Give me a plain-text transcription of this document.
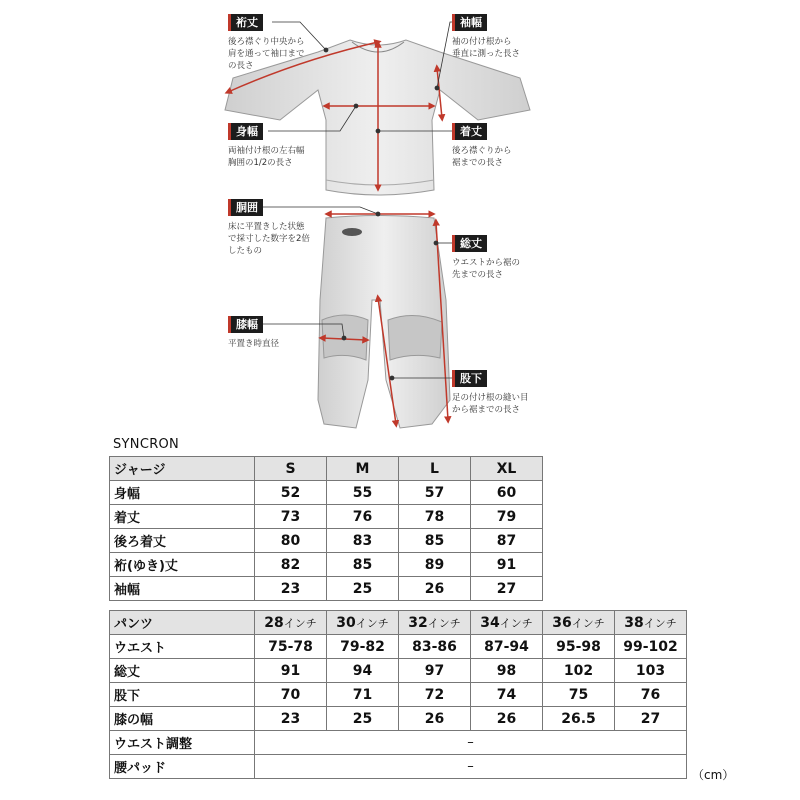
裄丈
後ろ襟ぐり中央から
肩を通って袖口まで
の長さ
袖幅
袖の付け根から
垂直に測った長さ
身幅
両袖付け根の左右幅
胸囲の1/2の長さ
着丈
後ろ襟ぐりから
裾までの長さ
胴囲
床に平置きした状態
で採寸した数字を2倍
したもの
総丈
ウエストから裾の
先までの長さ
膝幅
平置き時直径
股下
足の付け根の縫い目
から裾までの長さ
SYNCRON
ジャージ	S	M	L	XL
身幅	52	55	57	60
着丈	73	76	78	79
後ろ着丈	80	83	85	87
裄(ゆき)丈	82	85	89	91
袖幅	23	25	26	27
パンツ	28インチ	30インチ	32インチ	34インチ	36インチ	38インチ
ウエスト	75-78	79-82	83-86	87-94	95-98	99-102
総丈	91	94	97	98	102	103
股下	70	71	72	74	75	76
膝の幅	23	25	26	26	26.5	27
ウエスト調整	–					
腰パッド	–					
（cm）
